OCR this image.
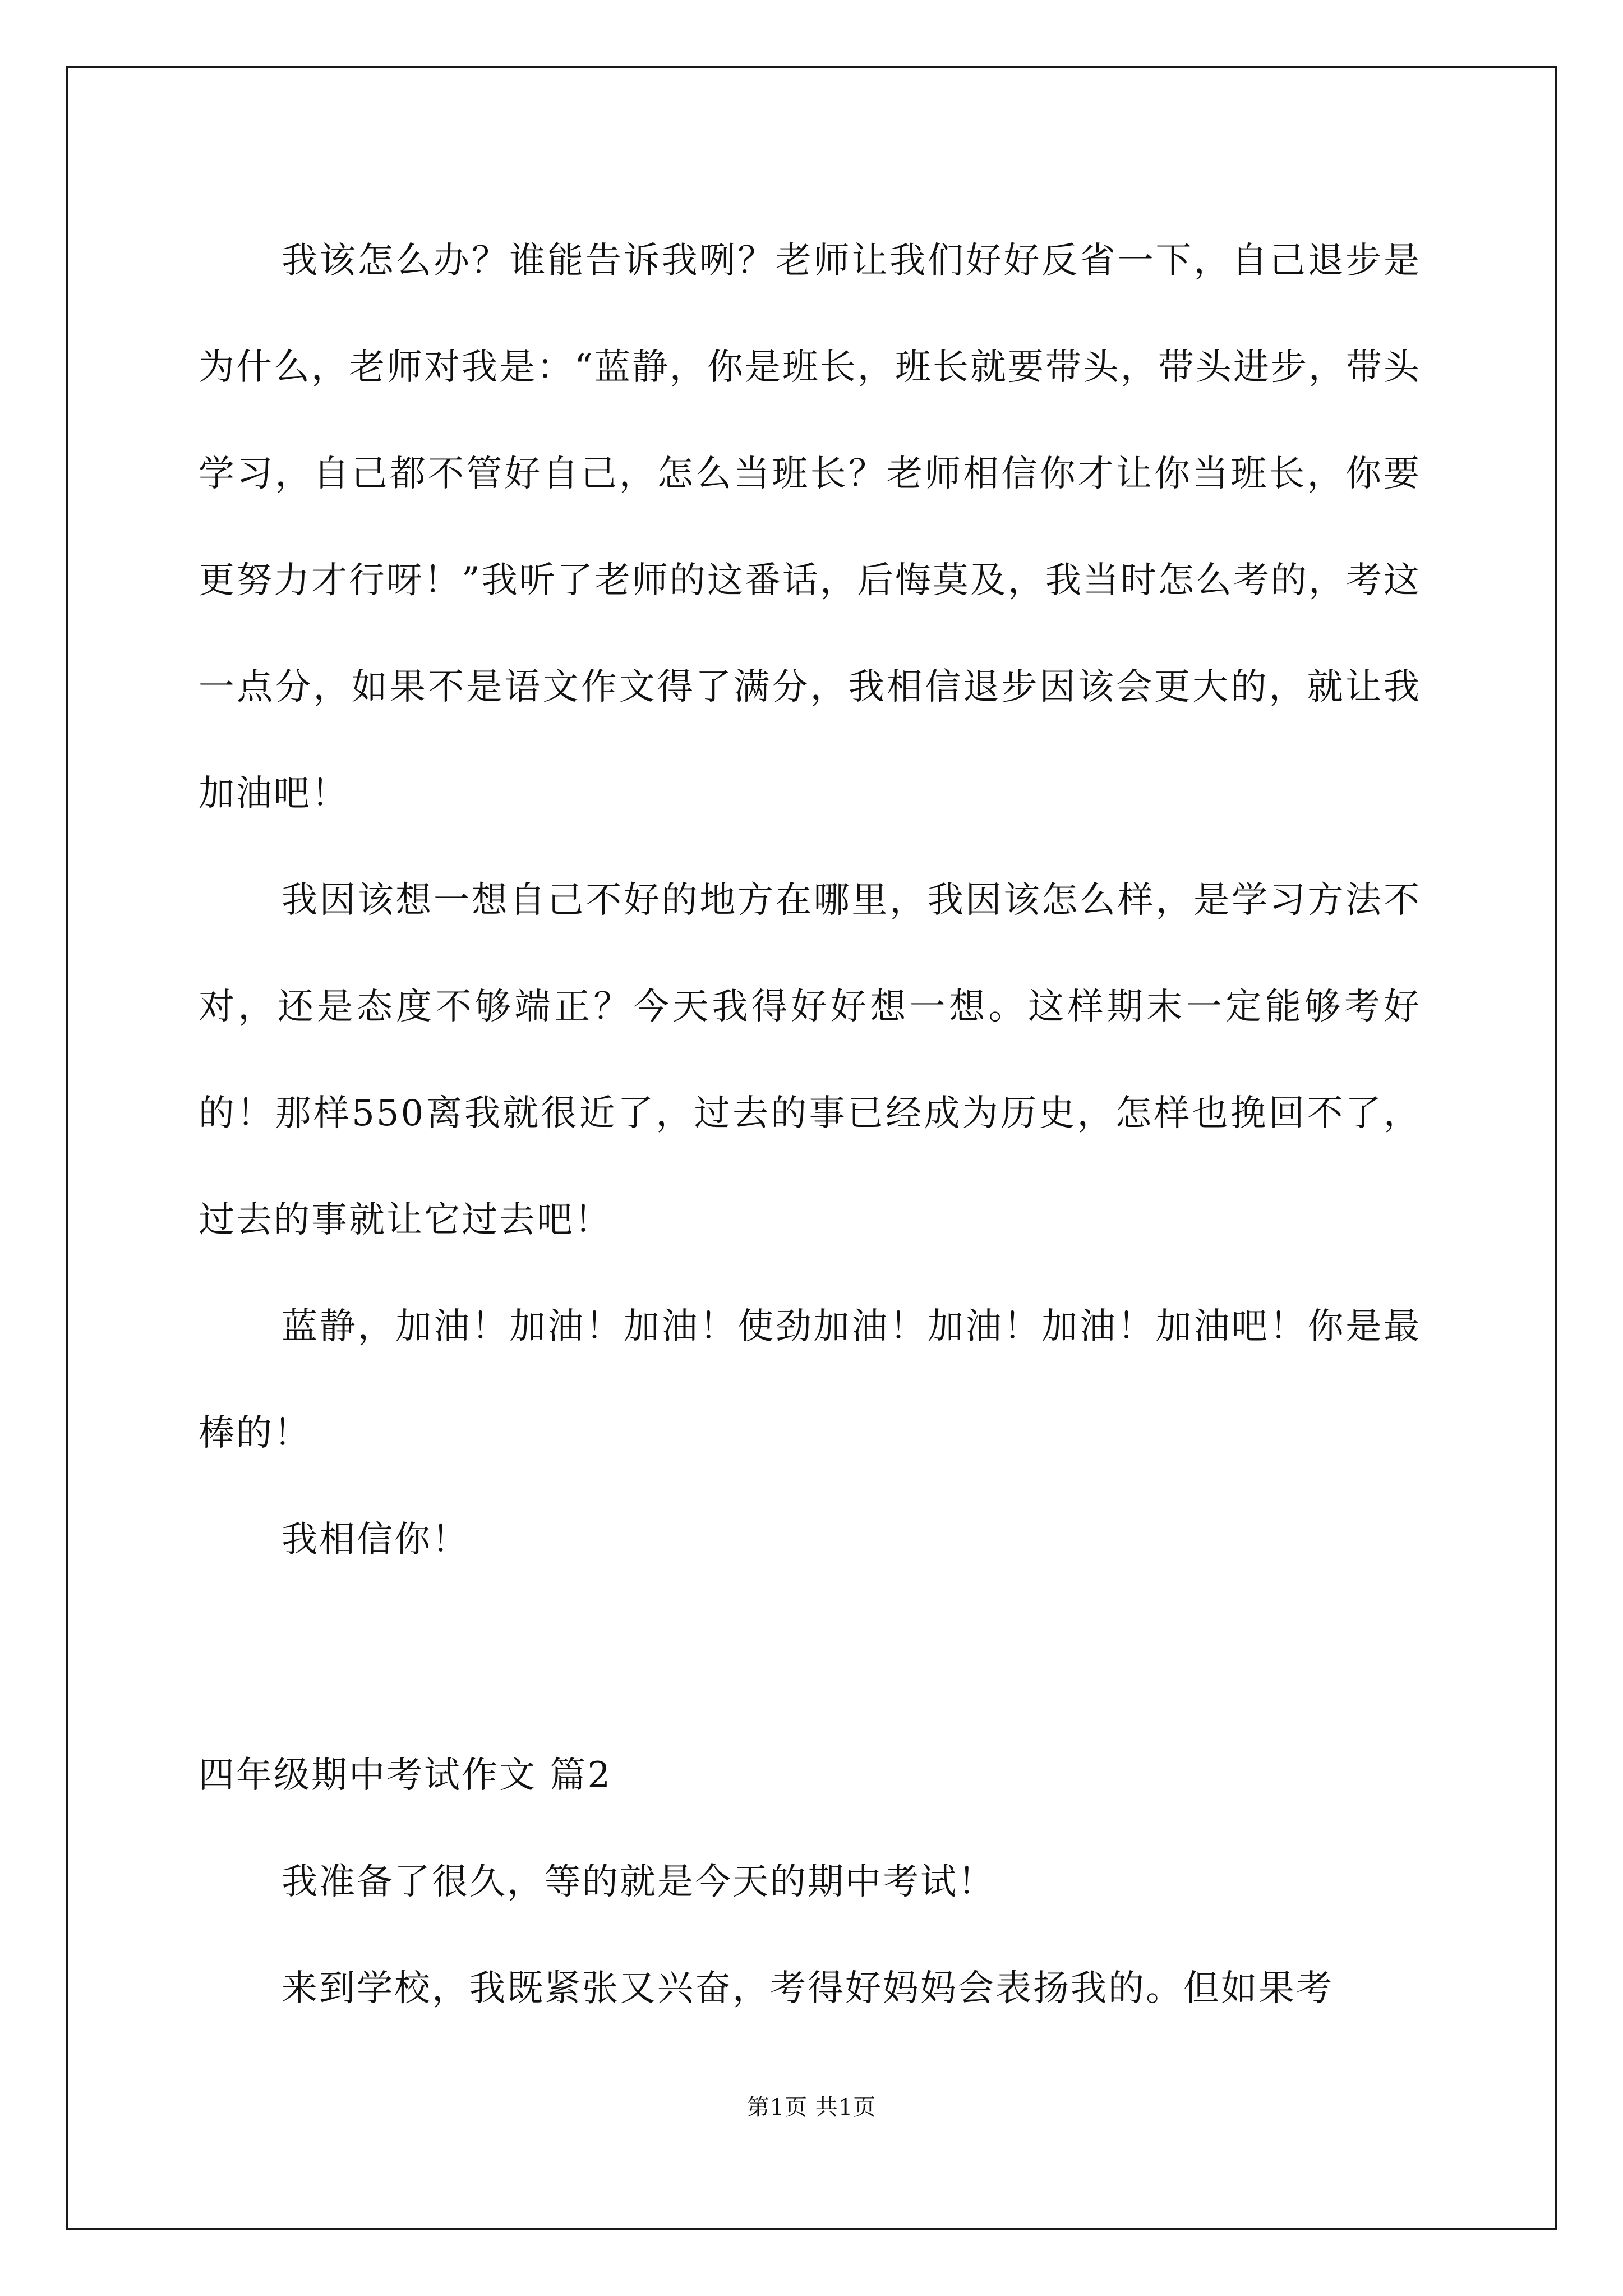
我该怎么办？谁能告诉我咧？老师让我们好好反省一下，自己退步是为什么，老师对我是：“蓝静，你是班长，班长就要带头，带头进步，带头学习，自己都不管好自己，怎么当班长？老师相信你才让你当班长，你要更努力才行呀！”我听了老师的这番话，后悔莫及，我当时怎么考的，考这一点分，如果不是语文作文得了满分，我相信退步因该会更大的，就让我加油吧！

我因该想一想自己不好的地方在哪里，我因该怎么样，是学习方法不对，还是态度不够端正？今天我得好好想一想。这样期末一定能够考好的！那样550离我就很近了，过去的事已经成为历史，怎样也挽回不了，过去的事就让它过去吧！

蓝静，加油！加油！加油！使劲加油！加油！加油！加油吧！你是最棒的！

我相信你！

四年级期中考试作文 篇2

我准备了很久，等的就是今天的期中考试！

来到学校，我既紧张又兴奋，考得好妈妈会表扬我的。但如果考

第1页 共1页
